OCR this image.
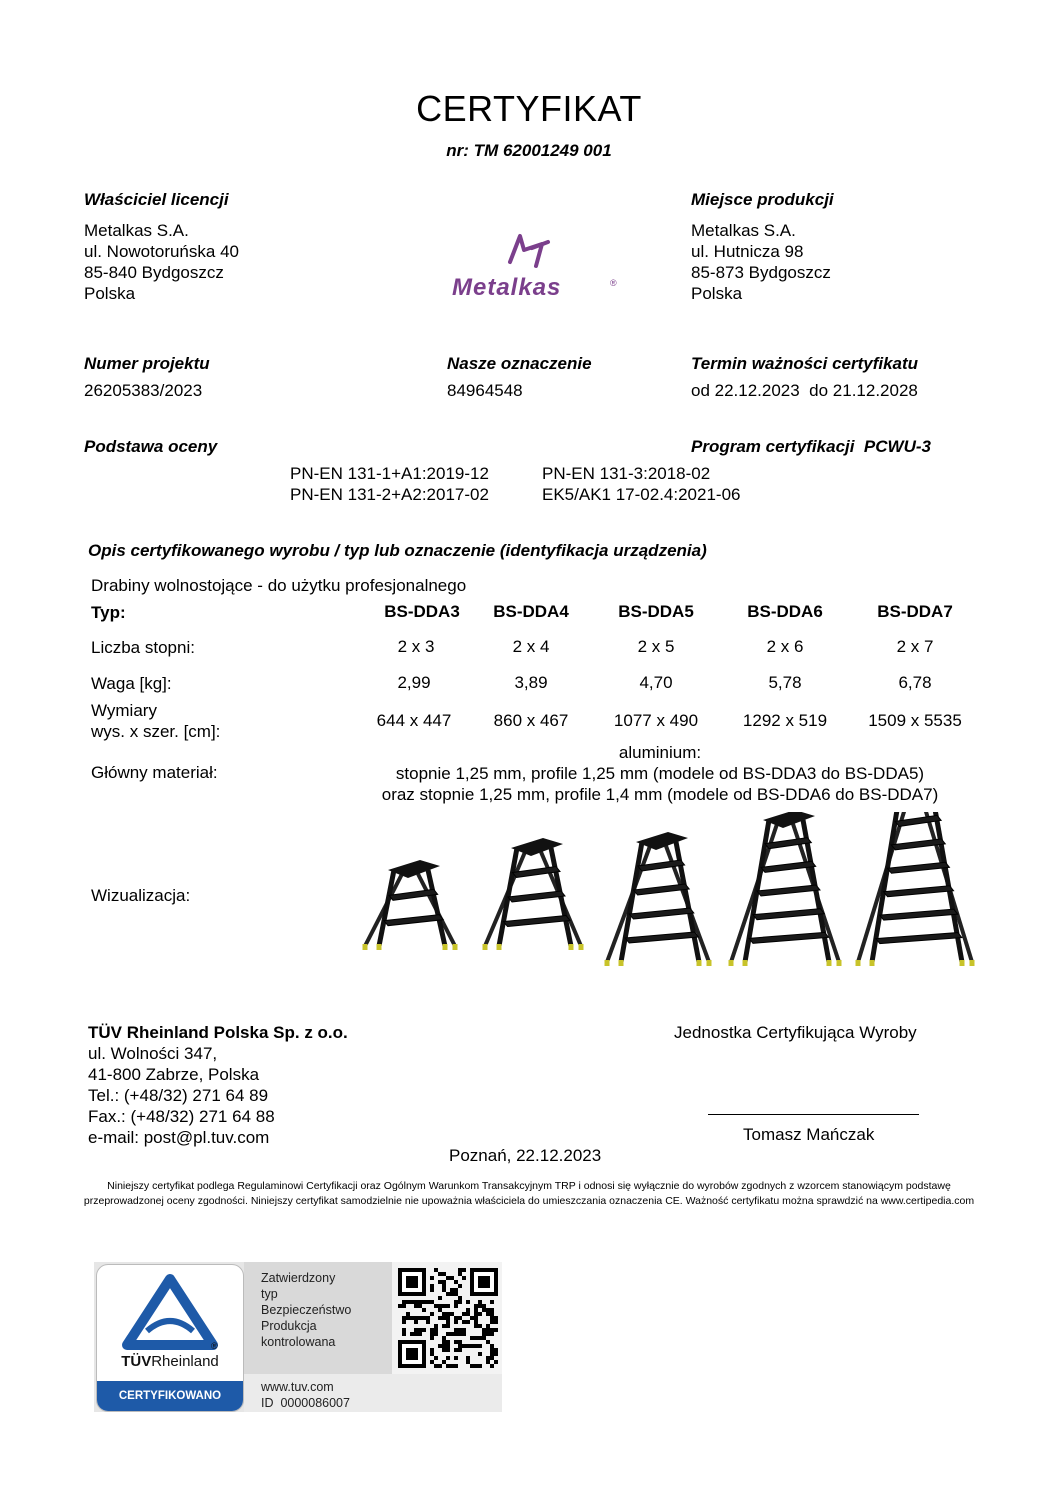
CERTYFIKAT
nr: TM 62001249 001
Właściciel licencji
Metalkas S.A.
ul. Nowotoruńska 40
85-840 Bydgoszcz
Polska	Metalkas	®
Miejsce produkcji
Metalkas S.A.
ul. Hutnicza 98
85-873 Bydgoszcz
Polska
Numer projektu
26205383/2023
Nasze oznaczenie
84964548
Termin ważności certyfikatu
od 22.12.2023  do 21.12.2028
Podstawa oceny	Program certyfikacji  PCWU-3
PN-EN 131-1+A1:2019-12	PN-EN 131-3:2018-02
PN-EN 131-2+A2:2017-02	EK5/AK1 17-02.4:2021-06
Opis certyfikowanego wyrobu / typ lub oznaczenie (identyfikacja urządzenia)
Drabiny wolnostojące - do użytku profesjonalnego
Typ:	BS-DDA3	BS-DDA4	BS-DDA5	BS-DDA6	BS-DDA7
Liczba stopni:	2 x 3	2 x 4	2 x 5	2 x 6	2 x 7
Waga [kg]:	2,99	3,89	4,70	5,78	6,78
Wymiary
wys. x szer. [cm]:
644 x 447	860 x 467	1077 x 490	1292 x 519	1509 x 5535
Główny materiał:
aluminium:
stopnie 1,25 mm, profile 1,25 mm (modele od BS-DDA3 do BS-DDA5)
oraz stopnie 1,25 mm, profile 1,4 mm (modele od BS-DDA6 do BS-DDA7)
Wizualizacja:
TÜV Rheinland Polska Sp. z o.o.
ul. Wolności 347,
41-800 Zabrze, Polska
Tel.: (+48/32) 271 64 89
Fax.: (+48/32) 271 64 88
e-mail: post@pl.tuv.com
Jednostka Certyfikująca Wyroby
Tomasz Mańczak
Poznań, 22.12.2023
Niniejszy certyfikat podlega Regulaminowi Certyfikacji oraz Ogólnym Warunkom Transakcyjnym TRP i odnosi się wyłącznie do wyrobów zgodnych z wzorcem stanowiącym podstawę
przeprowadzonej oceny zgodności. Niniejszy certyfikat samodzielnie nie upoważnia właściciela do umieszczania oznaczenia CE. Ważność certyfikatu można sprawdzić na www.certipedia.com
TÜVRheinland
®
CERTYFIKOWANO
Zatwierdzony
typ
Bezpieczeństwo
Produkcja
kontrolowana
www.tuv.com
ID  0000086007
